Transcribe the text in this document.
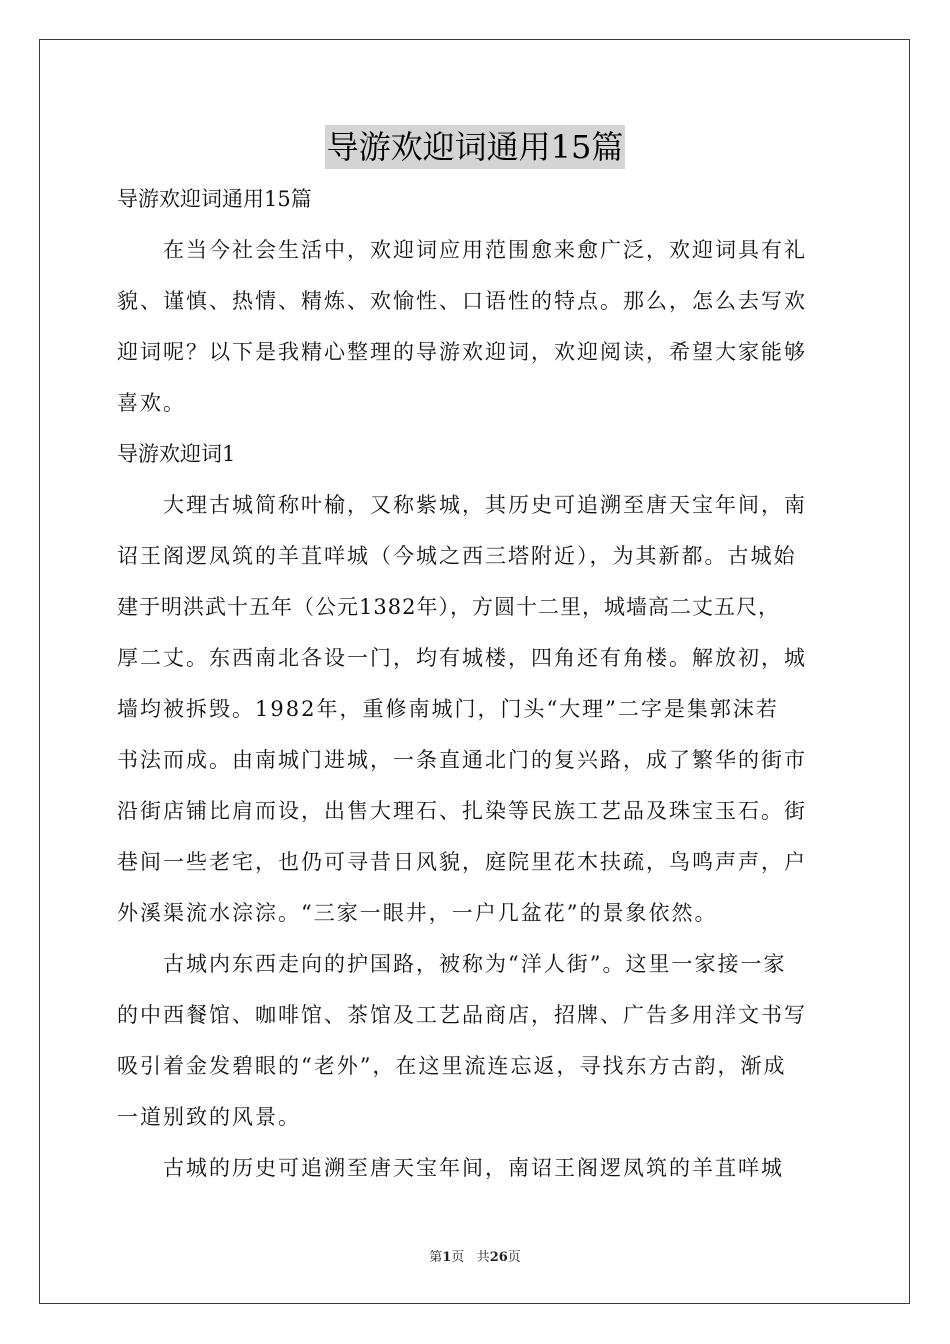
导游欢迎词通用15篇
导游欢迎词通用15篇
在当今社会生活中，欢迎词应用范围愈来愈广泛，欢迎词具有礼
貌、谨慎、热情、精炼、欢愉性、口语性的特点。那么，怎么去写欢
迎词呢？以下是我精心整理的导游欢迎词，欢迎阅读，希望大家能够
喜欢。
导游欢迎词1
大理古城简称叶榆，又称紫城，其历史可追溯至唐天宝年间，南
诏王阁逻凤筑的羊苴咩城（今城之西三塔附近），为其新都。古城始
建于明洪武十五年（公元1382年），方圆十二里，城墙高二丈五尺，
厚二丈。东西南北各设一门，均有城楼，四角还有角楼。解放初，城
墙均被拆毁。1982年，重修南城门，门头“大理”二字是集郭沫若
书法而成。由南城门进城，一条直通北门的复兴路，成了繁华的街市
沿街店铺比肩而设，出售大理石、扎染等民族工艺品及珠宝玉石。街
巷间一些老宅，也仍可寻昔日风貌，庭院里花木扶疏，鸟鸣声声，户
外溪渠流水淙淙。“三家一眼井，一户几盆花”的景象依然。
古城内东西走向的护国路，被称为“洋人街”。这里一家接一家
的中西餐馆、咖啡馆、茶馆及工艺品商店，招牌、广告多用洋文书写
吸引着金发碧眼的“老外”，在这里流连忘返，寻找东方古韵，渐成
一道别致的风景。
古城的历史可追溯至唐天宝年间，南诏王阁逻凤筑的羊苴咩城
第1页 共26页
